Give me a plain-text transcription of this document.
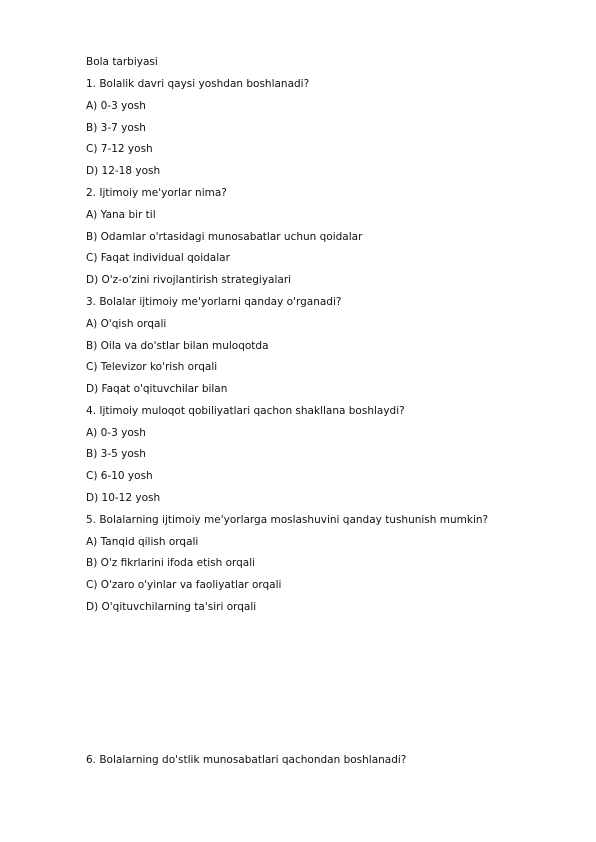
Bola tarbiyasi
1. Bolalik davri qaysi yoshdan boshlanadi?
A) 0-3 yosh
B) 3-7 yosh
C) 7-12 yosh
D) 12-18 yosh
2. Ijtimoiy me'yorlar nima?
A) Yana bir til
B) Odamlar o'rtasidagi munosabatlar uchun qoidalar
C) Faqat individual qoidalar
D) O'z-o'zini rivojlantirish strategiyalari
3. Bolalar ijtimoiy me'yorlarni qanday o'rganadi?
A) O'qish orqali
B) Oila va do'stlar bilan muloqotda
C) Televizor ko'rish orqali
D) Faqat o'qituvchilar bilan
4. Ijtimoiy muloqot qobiliyatlari qachon shakllana boshlaydi?
A) 0-3 yosh
B) 3-5 yosh
C) 6-10 yosh
D) 10-12 yosh
5. Bolalarning ijtimoiy me'yorlarga moslashuvini qanday tushunish mumkin?
A) Tanqid qilish orqali
B) O'z fikrlarini ifoda etish orqali
C) O'zaro o'yinlar va faoliyatlar orqali
D) O'qituvchilarning ta'siri orqali
6. Bolalarning do'stlik munosabatlari qachondan boshlanadi?
